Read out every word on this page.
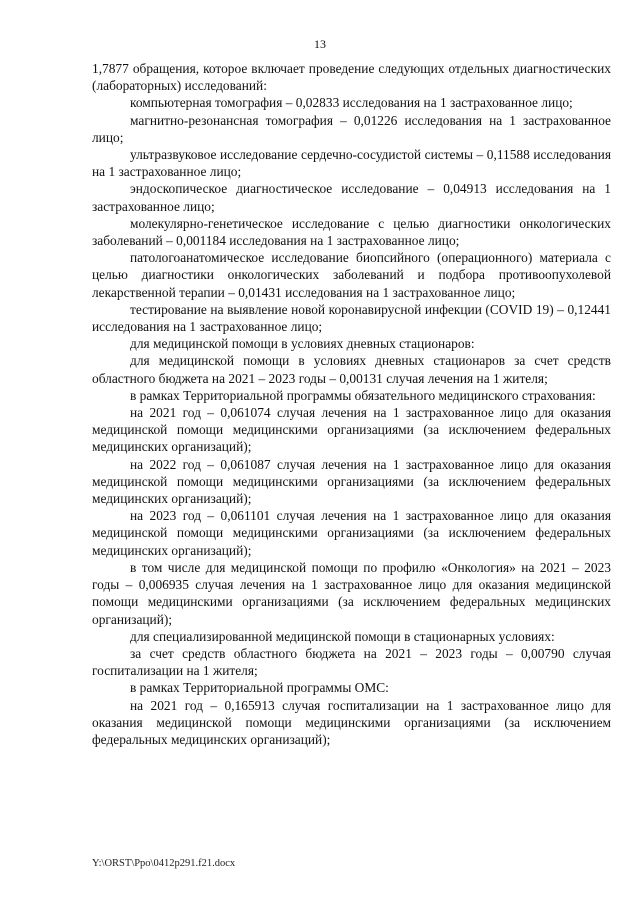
13

1,7877 обращения, которое включает проведение следующих отдельных диагностических (лабораторных) исследований:

компьютерная томография – 0,02833 исследования на 1 застрахованное лицо;

магнитно-резонансная томография – 0,01226 исследования на 1 застрахованное лицо;

ультразвуковое исследование сердечно-сосудистой системы – 0,11588 исследования на 1 застрахованное лицо;

эндоскопическое диагностическое исследование – 0,04913 исследования на 1 застрахованное лицо;

молекулярно-генетическое исследование с целью диагностики онкологических заболеваний – 0,001184 исследования на 1 застрахованное лицо;

патологоанатомическое исследование биопсийного (операционного) материала с целью диагностики онкологических заболеваний и подбора противоопухолевой лекарственной терапии – 0,01431 исследования на 1 застрахованное лицо;

тестирование на выявление новой коронавирусной инфекции (COVID 19) – 0,12441 исследования на 1 застрахованное лицо;

для медицинской помощи в условиях дневных стационаров:

для медицинской помощи в условиях дневных стационаров за счет средств областного бюджета на 2021 – 2023 годы – 0,00131 случая лечения на 1 жителя;

в рамках Территориальной программы обязательного медицинского страхования:

на 2021 год – 0,061074 случая лечения на 1 застрахованное лицо для оказания медицинской помощи медицинскими организациями (за исключением федеральных медицинских организаций);

на 2022 год – 0,061087 случая лечения на 1 застрахованное лицо для оказания медицинской помощи медицинскими организациями (за исключением федеральных медицинских организаций);

на 2023 год – 0,061101 случая лечения на 1 застрахованное лицо для оказания медицинской помощи медицинскими организациями (за исключением федеральных медицинских организаций);

в том числе для медицинской помощи по профилю «Онкология» на 2021 – 2023 годы – 0,006935 случая лечения на 1 застрахованное лицо для оказания медицинской помощи медицинскими организациями (за исключением федеральных медицинских организаций);

для специализированной медицинской помощи в стационарных условиях:

за счет средств областного бюджета на 2021 – 2023 годы – 0,00790 случая госпитализации на 1 жителя;

в рамках Территориальной программы ОМС:

на 2021 год – 0,165913 случая госпитализации на 1 застрахованное лицо для оказания медицинской помощи медицинскими организациями (за исключением федеральных медицинских организаций);

Y:\ORST\Ppo\0412p291.f21.docx
